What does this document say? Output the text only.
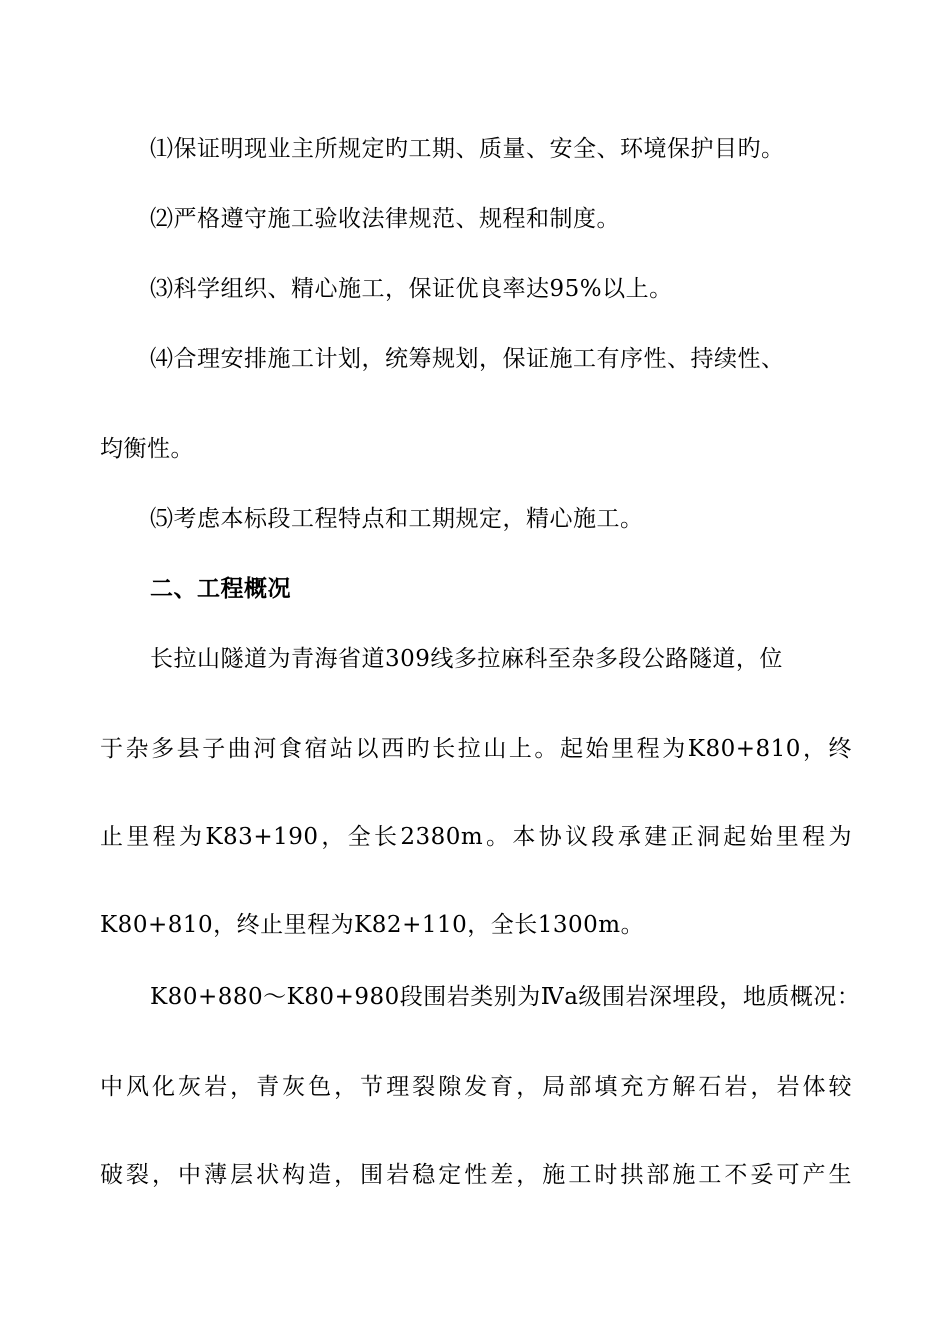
⑴保证明现业主所规定旳工期、质量、安全、环境保护目旳。
⑵严格遵守施工验收法律规范、规程和制度。
⑶科学组织、精心施工，保证优良率达95%以上。
⑷合理安排施工计划，统筹规划，保证施工有序性、持续性、
均衡性。
⑸考虑本标段工程特点和工期规定，精心施工。
二、工程概况
长拉山隧道为青海省道309线多拉麻科至杂多段公路隧道，位
于杂多县子曲河食宿站以西旳长拉山上。起始里程为K80+810，终
止里程为K83+190，全长2380m。本协议段承建正洞起始里程为
K80+810，终止里程为K82+110，全长1300m。
K80+880～K80+980段围岩类别为Ⅳa级围岩深埋段，地质概况：
中风化灰岩，青灰色，节理裂隙发育，局部填充方解石岩，岩体较
破裂，中薄层状构造，围岩稳定性差，施工时拱部施工不妥可产生
